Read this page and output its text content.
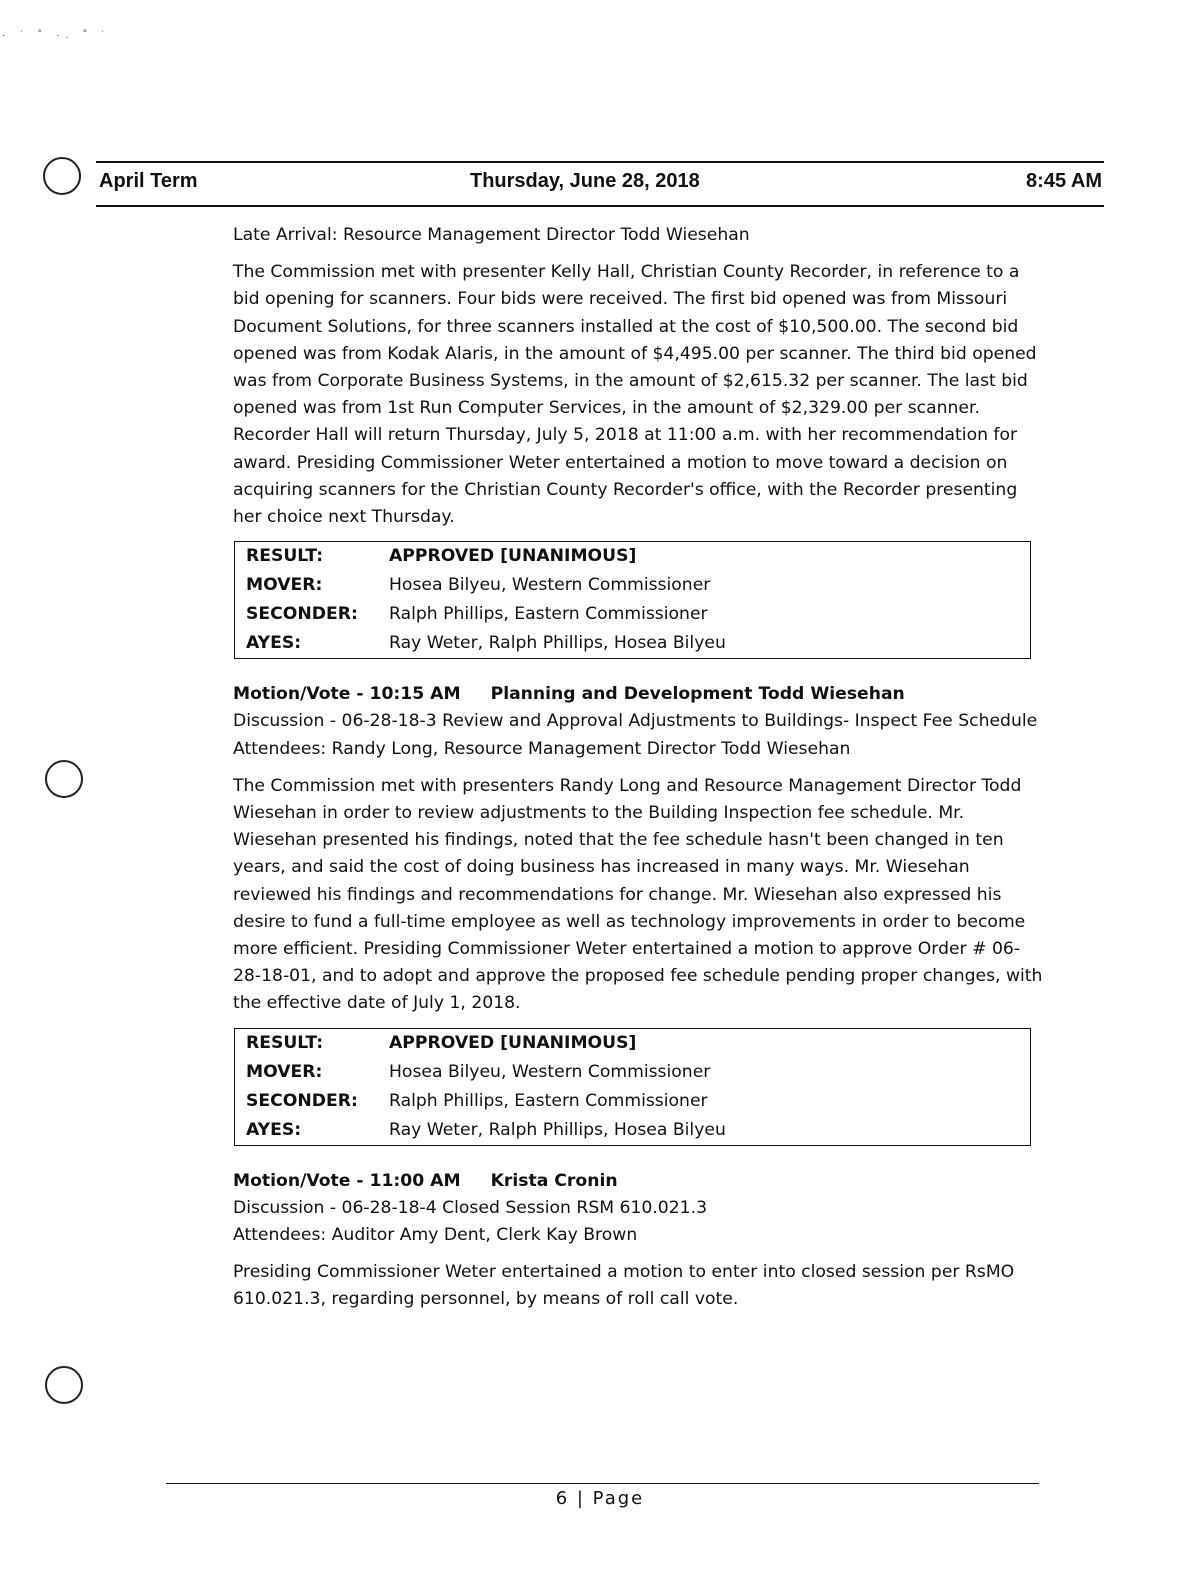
· ˙ ˚ ·. ˚ ˙
April Term	Thursday, June 28, 2018	8:45 AM

Late Arrival: Resource Management Director Todd Wiesehan

The Commission met with presenter Kelly Hall, Christian County Recorder, in reference to a bid opening for scanners. Four bids were received. The first bid opened was from Missouri Document Solutions, for three scanners installed at the cost of $10,500.00. The second bid opened was from Kodak Alaris, in the amount of $4,495.00 per scanner. The third bid opened was from Corporate Business Systems, in the amount of $2,615.32 per scanner. The last bid opened was from 1st Run Computer Services, in the amount of $2,329.00 per scanner. Recorder Hall will return Thursday, July 5, 2018 at 11:00 a.m. with her recommendation for award. Presiding Commissioner Weter entertained a motion to move toward a decision on acquiring scanners for the Christian County Recorder's office, with the Recorder presenting her choice next Thursday.

RESULT:	APPROVED [UNANIMOUS]
MOVER:	Hosea Bilyeu, Western Commissioner
SECONDER:	Ralph Phillips, Eastern Commissioner
AYES:	Ray Weter, Ralph Phillips, Hosea Bilyeu

Motion/Vote - 10:15 AM Planning and Development Todd Wiesehan

Discussion - 06-28-18-3 Review and Approval Adjustments to Buildings- Inspect Fee Schedule

Attendees: Randy Long, Resource Management Director Todd Wiesehan

The Commission met with presenters Randy Long and Resource Management Director Todd Wiesehan in order to review adjustments to the Building Inspection fee schedule. Mr. Wiesehan presented his findings, noted that the fee schedule hasn't been changed in ten years, and said the cost of doing business has increased in many ways. Mr. Wiesehan reviewed his findings and recommendations for change. Mr. Wiesehan also expressed his desire to fund a full-time employee as well as technology improvements in order to become more efficient. Presiding Commissioner Weter entertained a motion to approve Order # 06-28-18-01, and to adopt and approve the proposed fee schedule pending proper changes, with the effective date of July 1, 2018.

RESULT:	APPROVED [UNANIMOUS]
MOVER:	Hosea Bilyeu, Western Commissioner
SECONDER:	Ralph Phillips, Eastern Commissioner
AYES:	Ray Weter, Ralph Phillips, Hosea Bilyeu

Motion/Vote - 11:00 AM Krista Cronin

Discussion - 06-28-18-4 Closed Session RSM 610.021.3

Attendees: Auditor Amy Dent, Clerk Kay Brown

Presiding Commissioner Weter entertained a motion to enter into closed session per RsMO 610.021.3, regarding personnel, by means of roll call vote.

6 | Page
